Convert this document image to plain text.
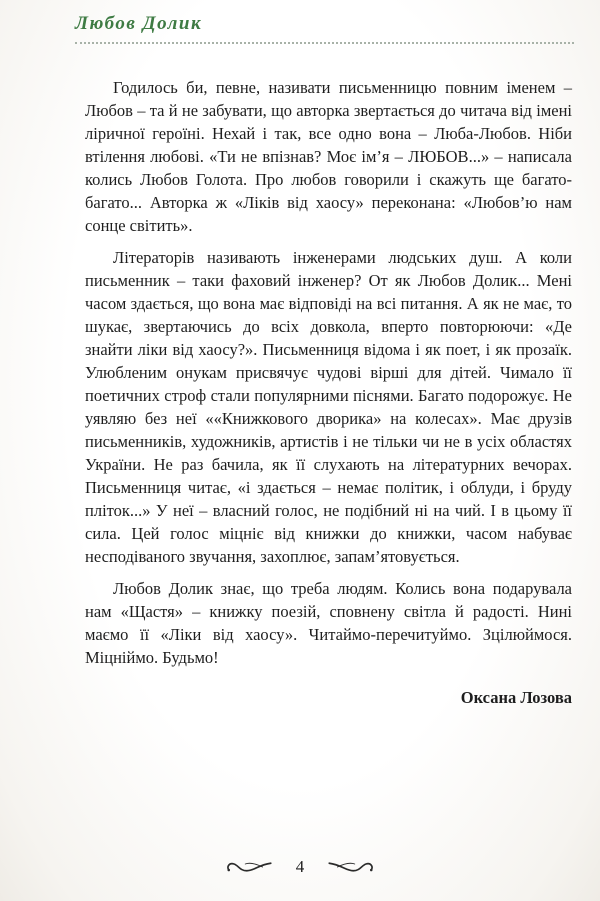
Любов Долик

Годилось би, певне, називати письменницю повним іменем – Любов – та й не забувати, що авторка звертається до читача від імені ліричної героїні. Нехай і так, все одно вона – Люба-Любов. Ніби втілення любові. «Ти не впізнав? Моє ім’я – ЛЮБОВ...» – написала колись Любов Голота. Про любов говорили і скажуть ще багато-багато... Авторка ж «Ліків від хаосу» переконана: «Любов’ю нам сонце світить».

Літераторів називають інженерами людських душ. А коли письменник – таки фаховий інженер? От як Любов Долик... Мені часом здається, що вона має відповіді на всі питання. А як не має, то шукає, звертаючись до всіх довкола, вперто повторюючи: «Де знайти ліки від хаосу?». Письменниця відома і як поет, і як прозаїк. Улюбленим онукам присвячує чудові вірші для дітей. Чимало її поетичних строф стали популярними піснями. Багато подорожує. Не уявляю без неї ««Книжкового дворика» на колесах». Має друзів письменників, художників, артистів і не тільки чи не в усіх областях України. Не раз бачила, як її слухають на літературних вечорах. Письменниця читає, «і здається – немає політик, і облуди, і бруду пліток...» У неї – власний голос, не подібний ні на чий. І в цьому її сила. Цей голос міцніє від книжки до книжки, часом набуває несподіваного звучання, захоплює, запам’ятовується.

Любов Долик знає, що треба людям. Колись вона подарувала нам «Щастя» – книжку поезій, сповнену світла й радості. Нині маємо її «Ліки від хаосу». Читаймо-перечитуймо. Зцілюймося. Міцніймо. Будьмо!

Оксана Лозова
4
